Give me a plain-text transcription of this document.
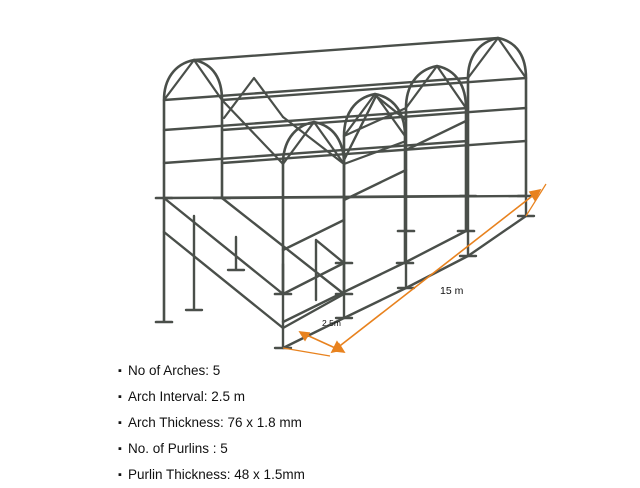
15 m
2.5m
▪ No of Arches: 5
▪ Arch Interval: 2.5 m
▪ Arch Thickness: 76 x 1.8 mm
▪ No. of Purlins : 5
▪ Purlin Thickness: 48 x 1.5mm
